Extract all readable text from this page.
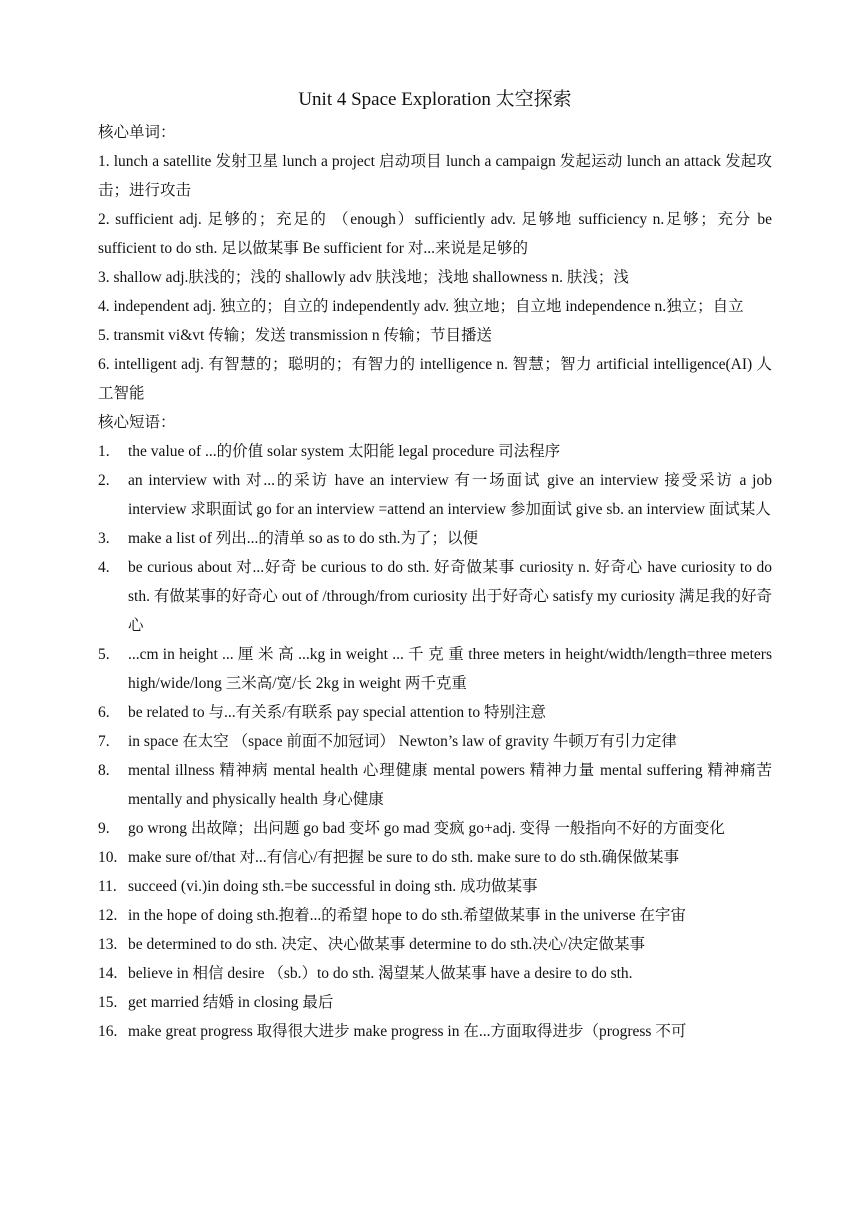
Unit 4 Space Exploration 太空探索
核心单词：

1. lunch a satellite 发射卫星 lunch a project 启动项目 lunch a campaign 发起运动 lunch an attack 发起攻击；进行攻击

2. sufficient adj. 足够的；充足的 （enough）sufficiently adv. 足够地 sufficiency n.足够；充分 be sufficient to do sth. 足以做某事 Be sufficient for 对...来说是足够的

3. shallow adj.肤浅的；浅的 shallowly adv 肤浅地；浅地 shallowness n. 肤浅；浅

4. independent adj. 独立的；自立的 independently adv. 独立地；自立地 independence n.独立；自立

5. transmit vi&vt 传输；发送 transmission n 传输；节目播送

6. intelligent adj. 有智慧的；聪明的；有智力的 intelligence n. 智慧；智力 artificial intelligence(AI) 人工智能

核心短语：
1.	the value of ...的价值 solar system 太阳能 legal procedure 司法程序
2.	an interview with 对...的采访 have an interview 有一场面试 give an interview 接受采访 a job interview 求职面试 go for an interview =attend an interview 参加面试 give sb. an interview 面试某人
3.	make a list of 列出...的清单 so as to do sth.为了；以便
4.	be curious about 对...好奇 be curious to do sth. 好奇做某事 curiosity n. 好奇心 have curiosity to do sth. 有做某事的好奇心 out of /through/from curiosity 出于好奇心 satisfy my curiosity 满足我的好奇心
5.	...cm in height ... 厘 米 高 ...kg in weight ... 千 克 重 three meters in height/width/length=three meters high/wide/long 三米高/宽/长 2kg in weight 两千克重
6.	be related to 与...有关系/有联系 pay special attention to 特别注意
7.	in space 在太空 （space 前面不加冠词） Newton’s law of gravity 牛顿万有引力定律
8.	mental illness 精神病 mental health 心理健康 mental powers 精神力量 mental suffering 精神痛苦 mentally and physically health 身心健康
9.	go wrong 出故障；出问题 go bad 变坏 go mad 变疯 go+adj. 变得 一般指向不好的方面变化
10. make sure of/that 对...有信心/有把握 be sure to do sth. make sure to do sth.确保做某事
11. succeed (vi.)in doing sth.=be successful in doing sth. 成功做某事
12. in the hope of doing sth.抱着...的希望 hope to do sth.希望做某事 in the universe 在宇宙
13. be determined to do sth. 决定、决心做某事 determine to do sth.决心/决定做某事
14. believe in 相信 desire （sb.）to do sth. 渴望某人做某事 have a desire to do sth.
15. get married 结婚 in closing 最后
16. make great progress 取得很大进步 make progress in 在...方面取得进步（progress 不可
